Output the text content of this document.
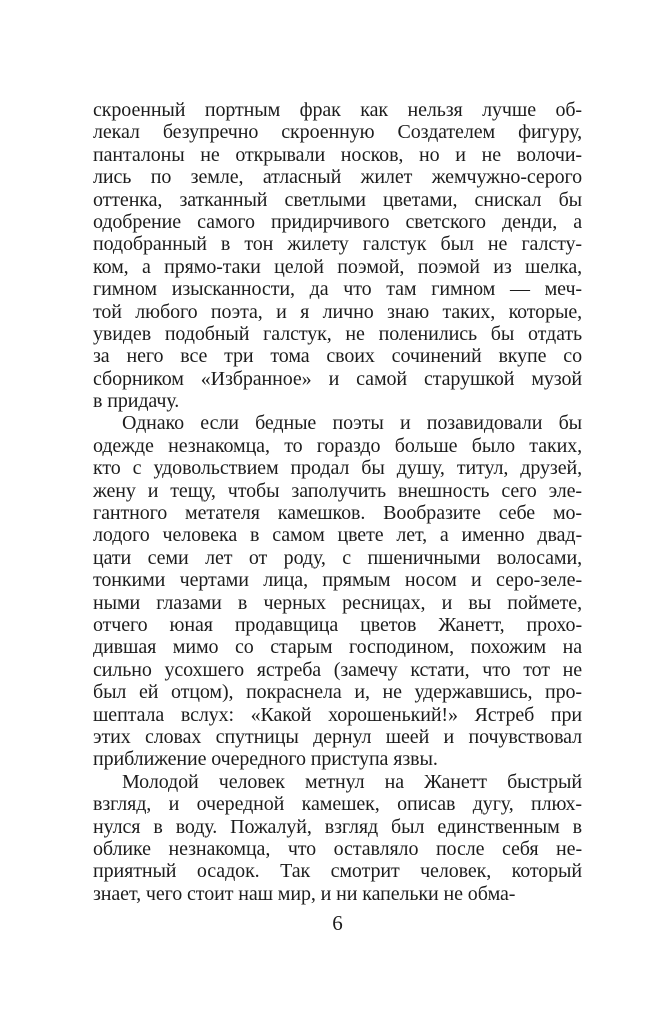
скроенный портным фрак как нельзя лучше об-
лекал безупречно скроенную Создателем фигуру,
панталоны не открывали носков, но и не волочи-
лись по земле, атласный жилет жемчужно-серого
оттенка, затканный светлыми цветами, снискал бы
одобрение самого придирчивого светского денди, а
подобранный в тон жилету галстук был не галсту-
ком, а прямо-таки целой поэмой, поэмой из шелка,
гимном изысканности, да что там гимном — меч-
той любого поэта, и я лично знаю таких, которые,
увидев подобный галстук, не поленились бы отдать
за него все три тома своих сочинений вкупе со
сборником «Избранное» и самой старушкой музой
в придачу.
Однако если бедные поэты и позавидовали бы
одежде незнакомца, то гораздо больше было таких,
кто с удовольствием продал бы душу, титул, друзей,
жену и тещу, чтобы заполучить внешность сего эле-
гантного метателя камешков. Вообразите себе мо-
лодого человека в самом цвете лет, а именно двад-
цати семи лет от роду, с пшеничными волосами,
тонкими чертами лица, прямым носом и серо-зеле-
ными глазами в черных ресницах, и вы поймете,
отчего юная продавщица цветов Жанетт, прохо-
дившая мимо со старым господином, похожим на
сильно усохшего ястреба (замечу кстати, что тот не
был ей отцом), покраснела и, не удержавшись, про-
шептала вслух: «Какой хорошенький!» Ястреб при
этих словах спутницы дернул шеей и почувствовал
приближение очередного приступа язвы.
Молодой человек метнул на Жанетт быстрый
взгляд, и очередной камешек, описав дугу, плюх-
нулся в воду. Пожалуй, взгляд был единственным в
облике незнакомца, что оставляло после себя не-
приятный осадок. Так смотрит человек, который
знает, чего стоит наш мир, и ни капельки не обма-
6
